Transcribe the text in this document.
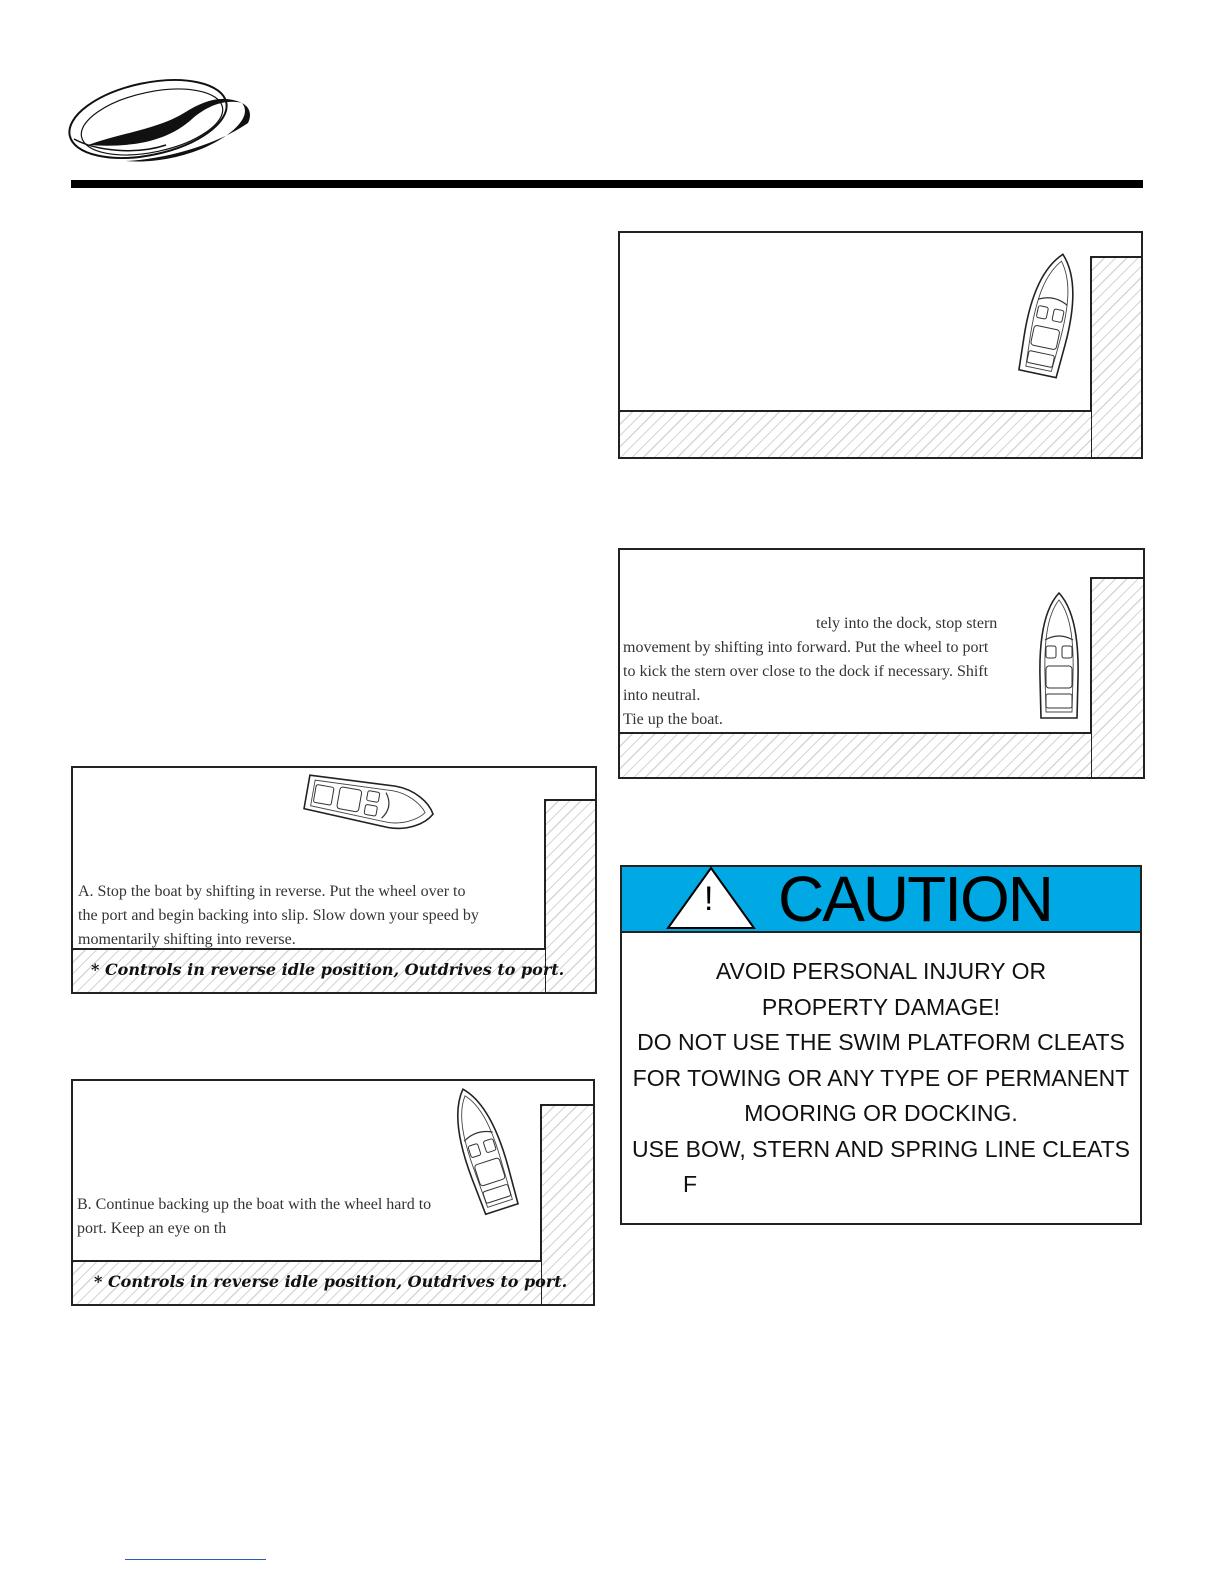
tely into the dock, stop stern
movement by shifting into forward. Put the wheel to port
to kick the stern over close to the dock if necessary. Shift
into neutral.
Tie up the boat.
A. Stop the boat by shifting in reverse. Put the wheel over to
the port and begin backing into slip. Slow down your speed by
momentarily shifting into reverse.
* Controls in reverse idle position, Outdrives to port.
B. Continue backing up the boat with the wheel hard to
port. Keep an eye on th
* Controls in reverse idle position, Outdrives to port.
! CAUTION
AVOID PERSONAL INJURY OR
PROPERTY DAMAGE!
DO NOT USE THE SWIM PLATFORM CLEATS
FOR TOWING OR ANY TYPE OF PERMANENT
MOORING OR DOCKING.
USE BOW, STERN AND SPRING LINE CLEATS
F
